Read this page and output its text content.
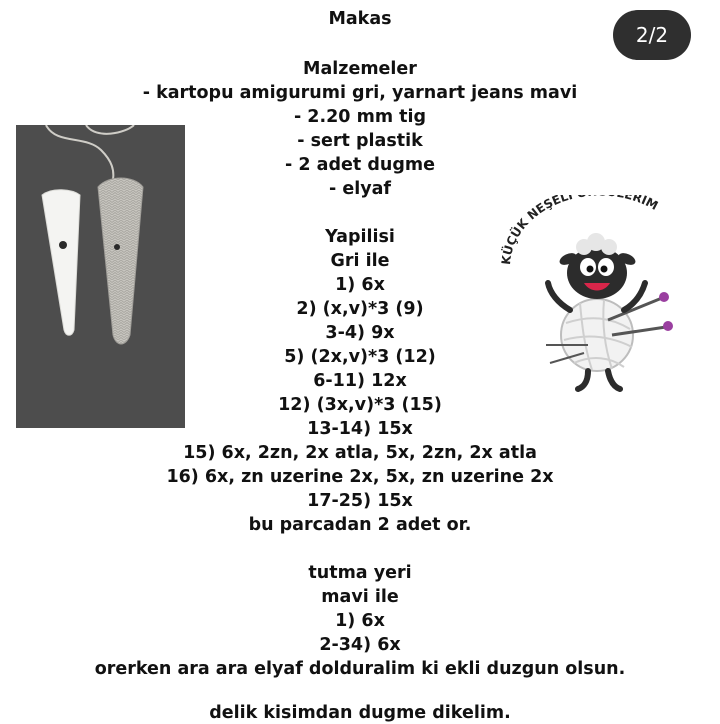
Makas
Malzemeler
- kartopu amigurumi gri, yarnart jeans mavi
- 2.20 mm tig
- sert plastik
- 2 adet dugme
- elyaf
Yapilisi
Gri ile
1) 6x
2) (x,v)*3 (9)
3-4) 9x
5) (2x,v)*3 (12)
6-11) 12x
12) (3x,v)*3 (15)
13-14) 15x
15) 6x, 2zn, 2x atla, 5x, 2zn, 2x atla
16) 6x, zn uzerine 2x, 5x, zn uzerine 2x
17-25) 15x
bu parcadan 2 adet or.
tutma yeri
mavi ile
1) 6x
2-34) 6x
orerken ara ara elyaf dolduralim ki ekli duzgun olsun.
delik kisimdan dugme dikelim.
2/2
KÜÇÜK NEŞELİ ERİM
